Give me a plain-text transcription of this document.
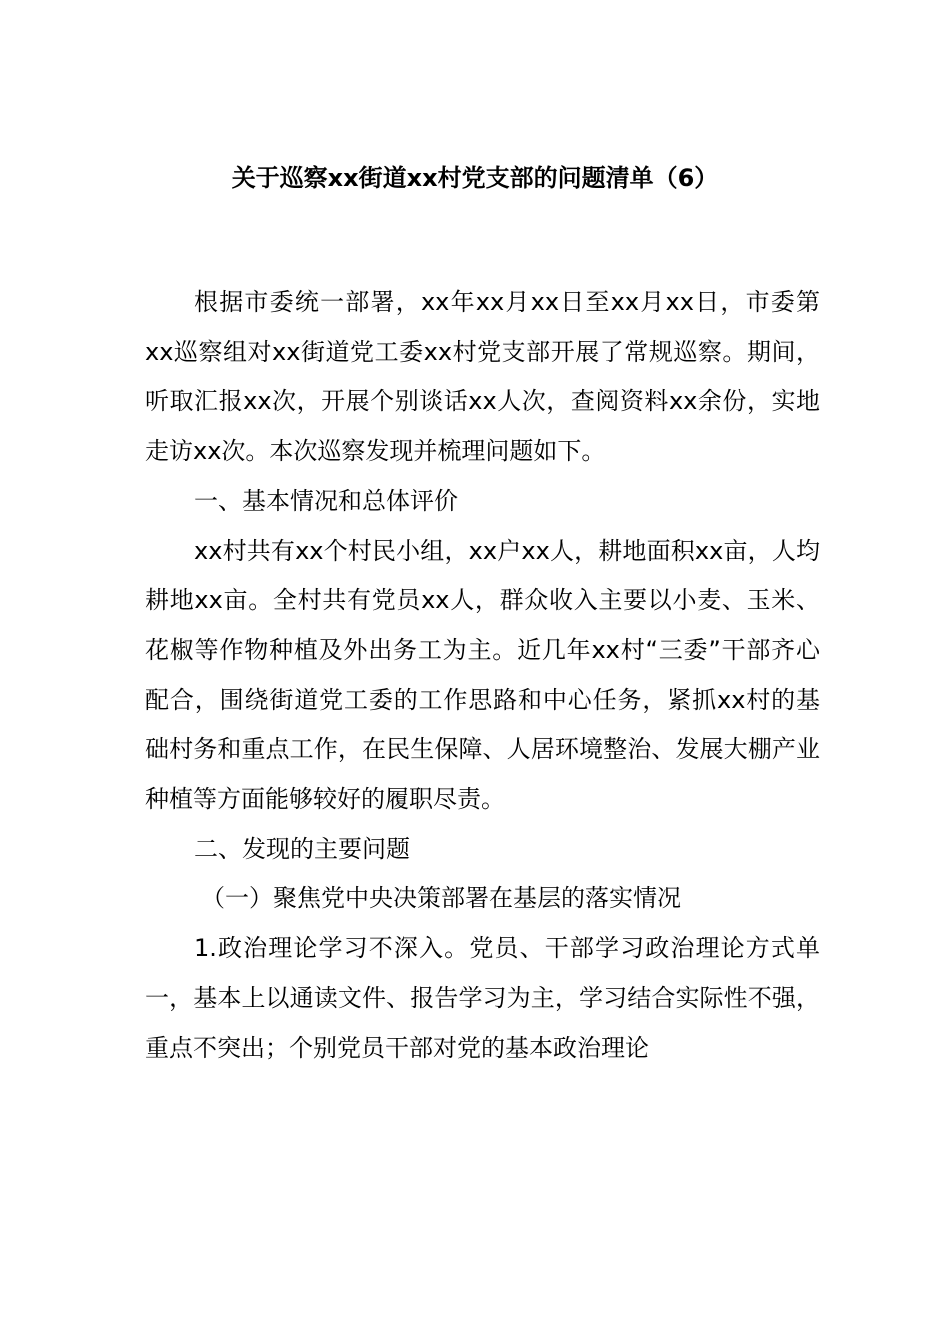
关于巡察xx街道xx村党支部的问题清单（6）

根据市委统一部署，xx年xx月xx日至xx月xx日，市委第xx巡察组对xx街道党工委xx村党支部开展了常规巡察。期间，听取汇报xx次，开展个别谈话xx人次，查阅资料xx余份，实地走访xx次。本次巡察发现并梳理问题如下。

一、基本情况和总体评价

xx村共有xx个村民小组，xx户xx人，耕地面积xx亩，人均耕地xx亩。全村共有党员xx人，群众收入主要以小麦、玉米、花椒等作物种植及外出务工为主。近几年xx村“三委”干部齐心配合，围绕街道党工委的工作思路和中心任务，紧抓xx村的基础村务和重点工作，在民生保障、人居环境整治、发展大棚产业种植等方面能够较好的履职尽责。

二、发现的主要问题

（一）聚焦党中央决策部署在基层的落实情况

1.政治理论学习不深入。党员、干部学习政治理论方式单一，基本上以通读文件、报告学习为主，学习结合实际性不强，重点不突出；个别党员干部对党的基本政治理论
